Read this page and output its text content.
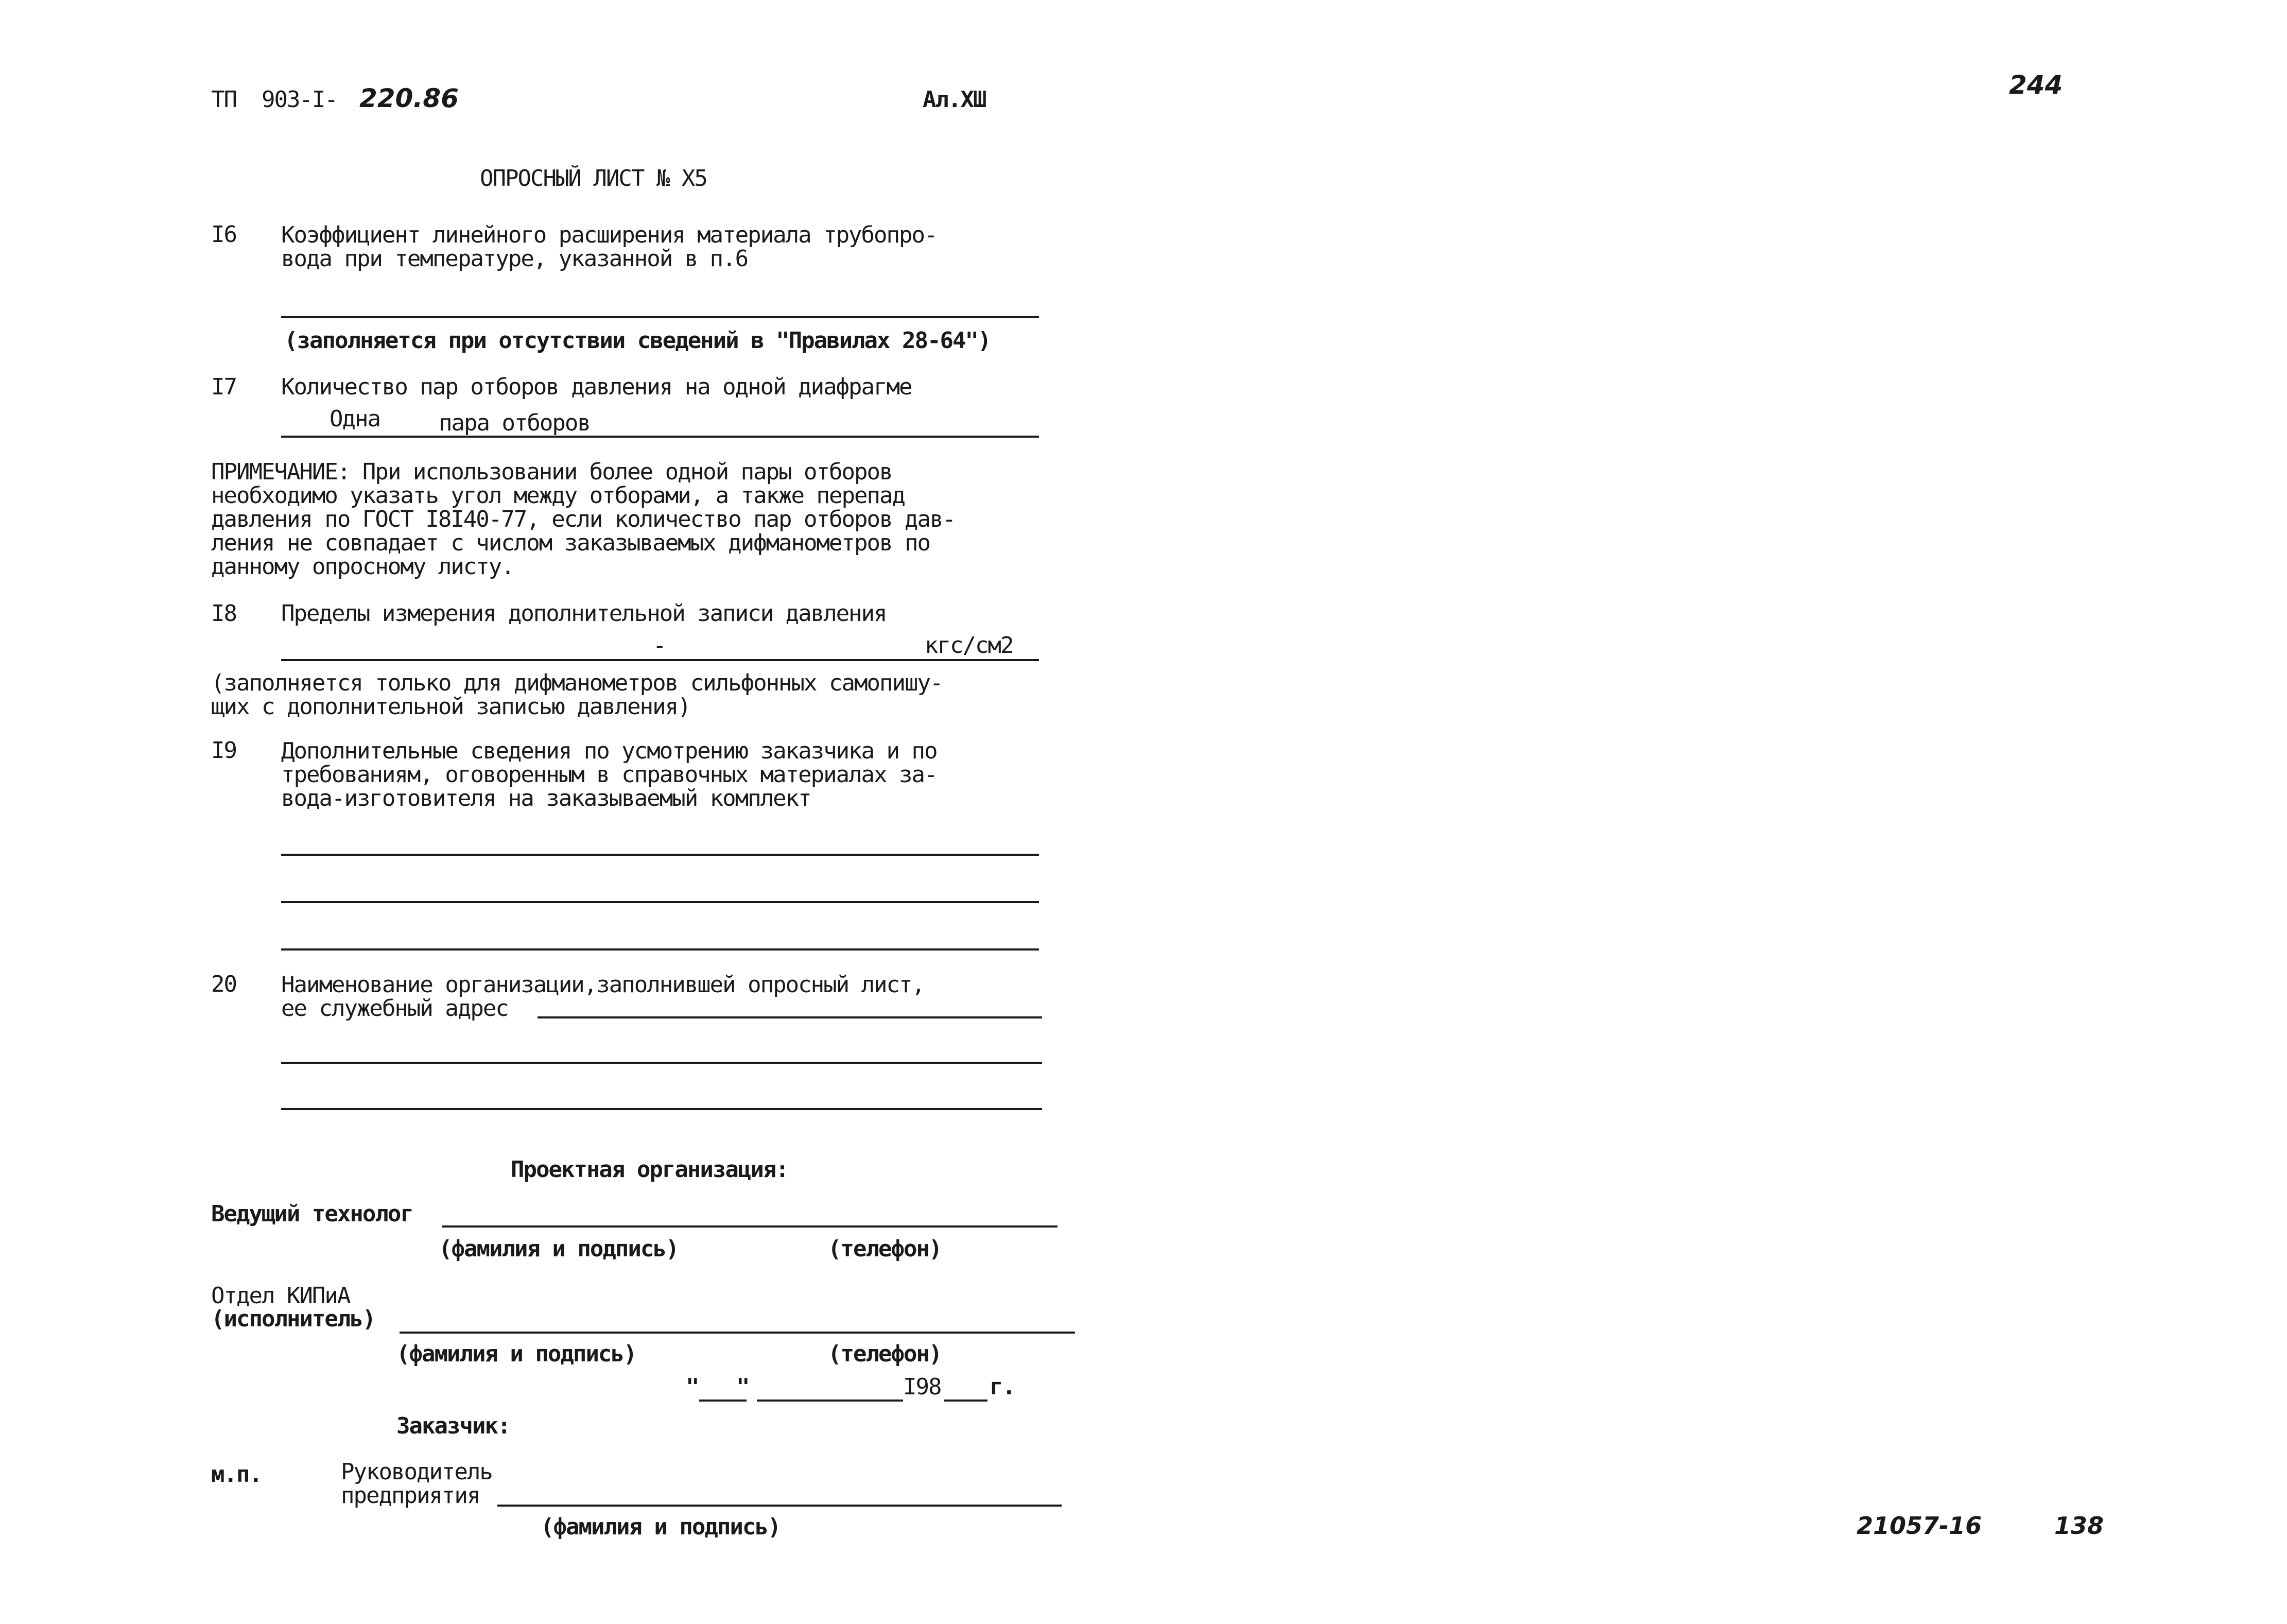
ТП  903-I- 220.86	Ал.XШ	244
ОПРОСНЫЙ ЛИСТ № Х5
I6 Коэффициент линейного расширения материала трубопро-
вода при температуре, указанной в п.6
(заполняется при отсутствии сведений в "Правилах 28-64")
I7 Количество пар отборов давления на одной диафрагме
Одна	пара отборов
ПРИМЕЧАНИЕ: При использовании более одной пары отборов
необходимо указать угол между отборами, а также перепад
давления по ГОСТ I8I40-77, если количество пар отборов дав-
ления не совпадает с числом заказываемых дифманометров по
данному опросному листу.
I8 Пределы измерения дополнительной записи давления
-	кгс/см2
(заполняется только для дифманометров сильфонных самопишу-
щих с дополнительной записью давления)
I9 Дополнительные сведения по усмотрению заказчика и по
требованиям, оговоренным в справочных материалах за-
вода-изготовителя на заказываемый комплект
20 Наименование организации,заполнившей опросный лист,
ее служебный адрес
Проектная организация:
Ведущий технолог
(фамилия и подпись)	(телефон)
Отдел КИПиА
(исполнитель)
(фамилия и подпись)	(телефон)
"   "	I98 г.
Заказчик:
м.п.	Руководитель
предприятия
(фамилия и подпись)	21057-16	138
